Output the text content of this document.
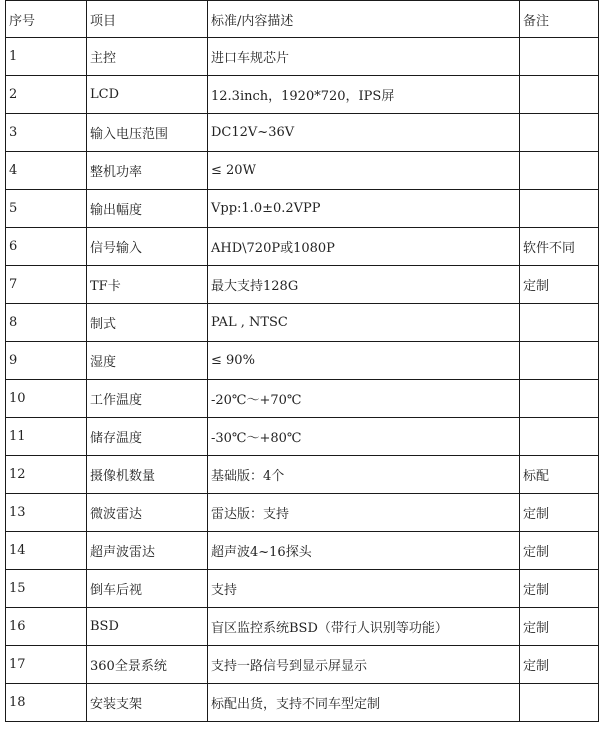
序号	项目	标准/内容描述	备注
1	主控	进口车规芯片	
2	LCD	12.3inch，1920*720，IPS屏	
3	输入电压范围	DC12V~36V	
4	整机功率	≤ 20W	
5	输出幅度	Vpp:1.0±0.2VPP	
6	信号输入	AHD\720P或1080P	软件不同
7	TF卡	最大支持128G	定制
8	制式	PAL , NTSC	
9	湿度	≤ 90%	
10	工作温度	-20℃～+70℃	
11	储存温度	-30℃～+80℃	
12	摄像机数量	基础版：4个	标配
13	微波雷达	雷达版：支持	定制
14	超声波雷达	超声波4~16探头	定制
15	倒车后视	支持	定制
16	BSD	盲区监控系统BSD（带行人识别等功能）	定制
17	360全景系统	支持一路信号到显示屏显示	定制
18	安装支架	标配出货，支持不同车型定制	
